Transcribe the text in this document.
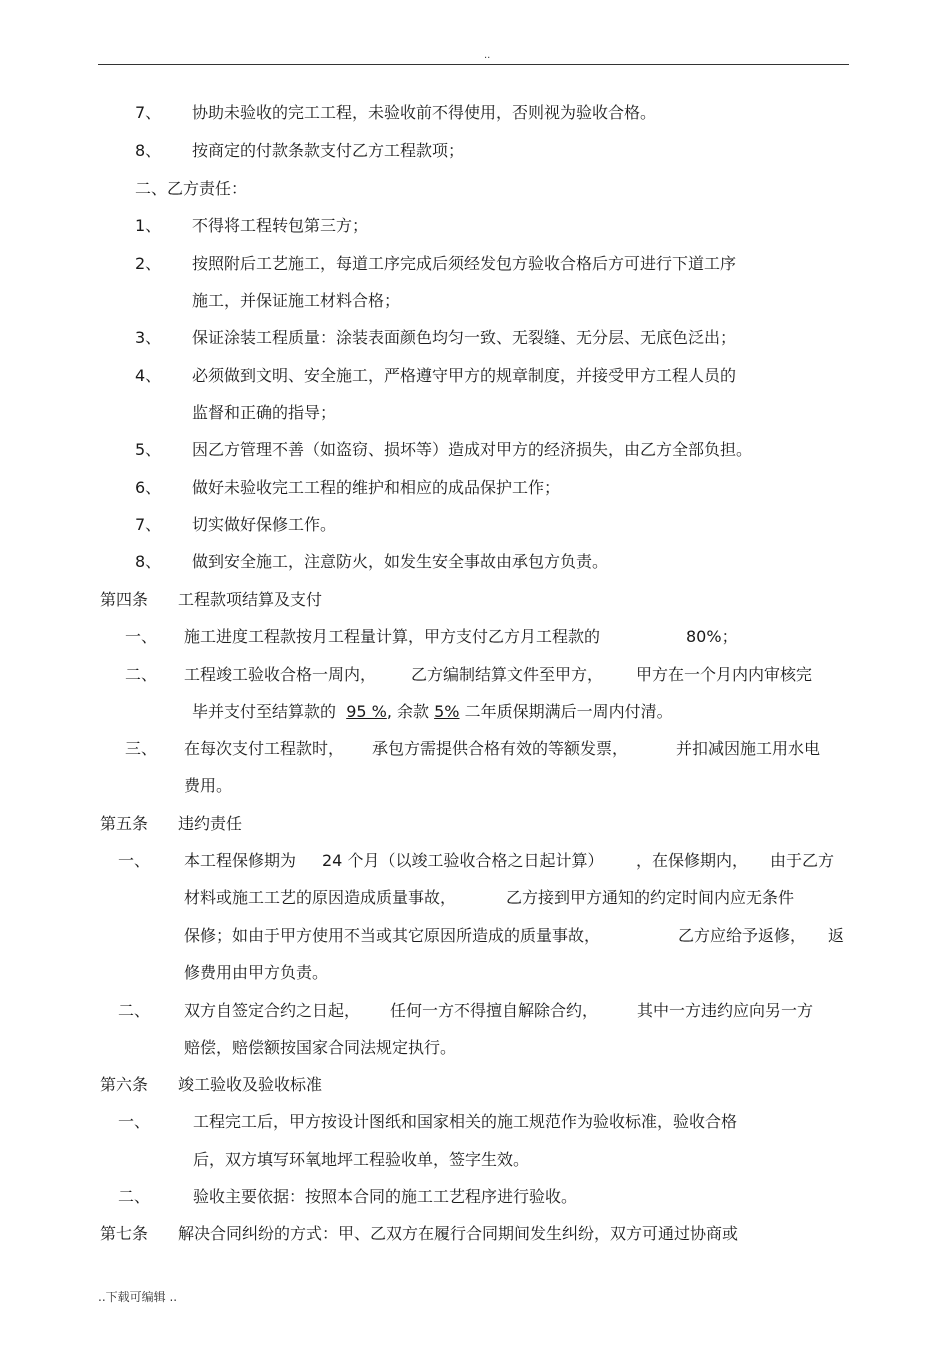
..
7、 协助未验收的完工工程，未验收前不得使用，否则视为验收合格。
8、 按商定的付款条款支付乙方工程款项；
二、乙方责任：
1、 不得将工程转包第三方；
2、 按照附后工艺施工，每道工序完成后须经发包方验收合格后方可进行下道工序
施工，并保证施工材料合格；
3、 保证涂装工程质量：涂装表面颜色均匀一致、无裂缝、无分层、无底色泛出；
4、 必须做到文明、安全施工，严格遵守甲方的规章制度，并接受甲方工程人员的
监督和正确的指导；
5、 因乙方管理不善（如盗窃、损坏等）造成对甲方的经济损失，由乙方全部负担。
6、 做好未验收完工工程的维护和相应的成品保护工作；
7、 切实做好保修工作。
8、 做到安全施工，注意防火，如发生安全事故由承包方负责。
第四条 工程款项结算及支付
一、 施工进度工程款按月工程量计算，甲方支付乙方月工程款的	80%；
二、 工程竣工验收合格一周内， 乙方编制结算文件至甲方， 甲方在一个月内内审核完
毕并支付至结算款的 95 %, 余款 5% 二年质保期满后一周内付清。
三、 在每次支付工程款时， 承包方需提供合格有效的等额发票，	并扣减因施工用水电
费用。
第五条 违约责任
一、 本工程保修期为 24 个月（以竣工验收合格之日起计算） ，在保修期内， 由于乙方
材料或施工工艺的原因造成质量事故，	乙方接到甲方通知的约定时间内应无条件
保修；如由于甲方使用不当或其它原因所造成的质量事故，	乙方应给予返修， 返
修费用由甲方负责。
二、 双方自签定合约之日起， 任何一方不得擅自解除合约， 其中一方违约应向另一方
赔偿，赔偿额按国家合同法规定执行。
第六条 竣工验收及验收标准
一、	工程完工后，甲方按设计图纸和国家相关的施工规范作为验收标准，验收合格
后，双方填写环氧地坪工程验收单，签字生效。
二、	验收主要依据：按照本合同的施工工艺程序进行验收。
第七条 解决合同纠纷的方式：甲、乙双方在履行合同期间发生纠纷，双方可通过协商或
..下载可编辑 ..
